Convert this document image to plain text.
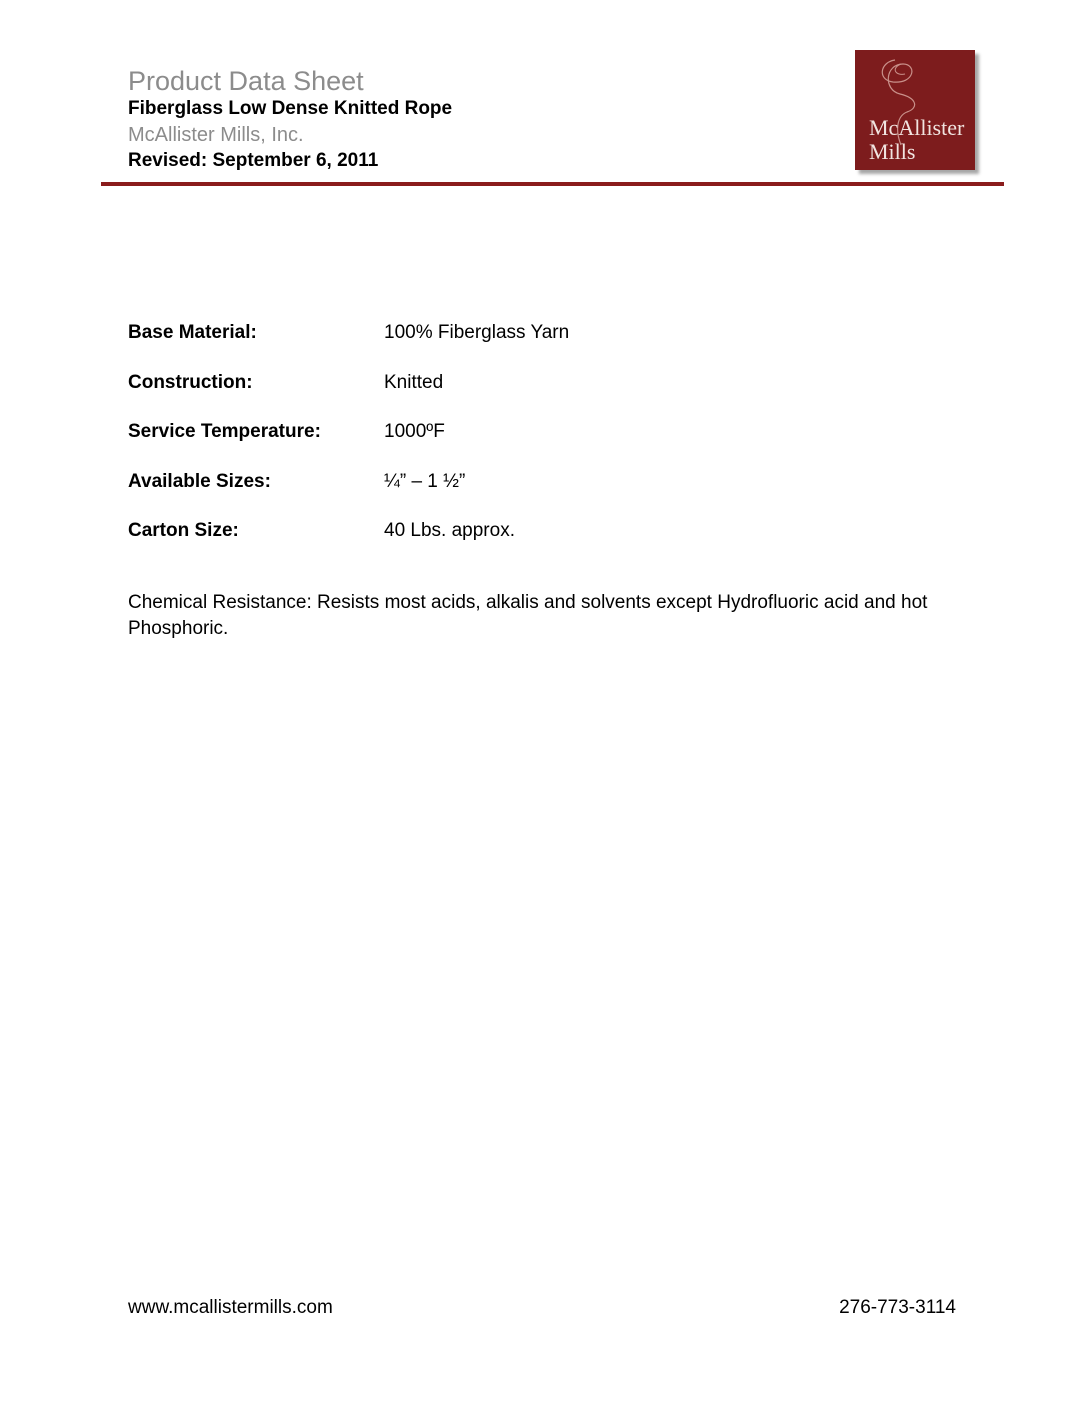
Product Data Sheet
Fiberglass Low Dense Knitted Rope
McAllister Mills, Inc.
Revised: September 6, 2011
McAllister
Mills
Base Material:	100% Fiberglass Yarn
Construction:	Knitted
Service Temperature:	1000ºF
Available Sizes:	¼” – 1 ½”
Carton Size:	40 Lbs. approx.

Chemical Resistance: Resists most acids, alkalis and solvents except Hydrofluoric acid and hot Phosphoric.

www.mcallistermills.com	276-773-3114
